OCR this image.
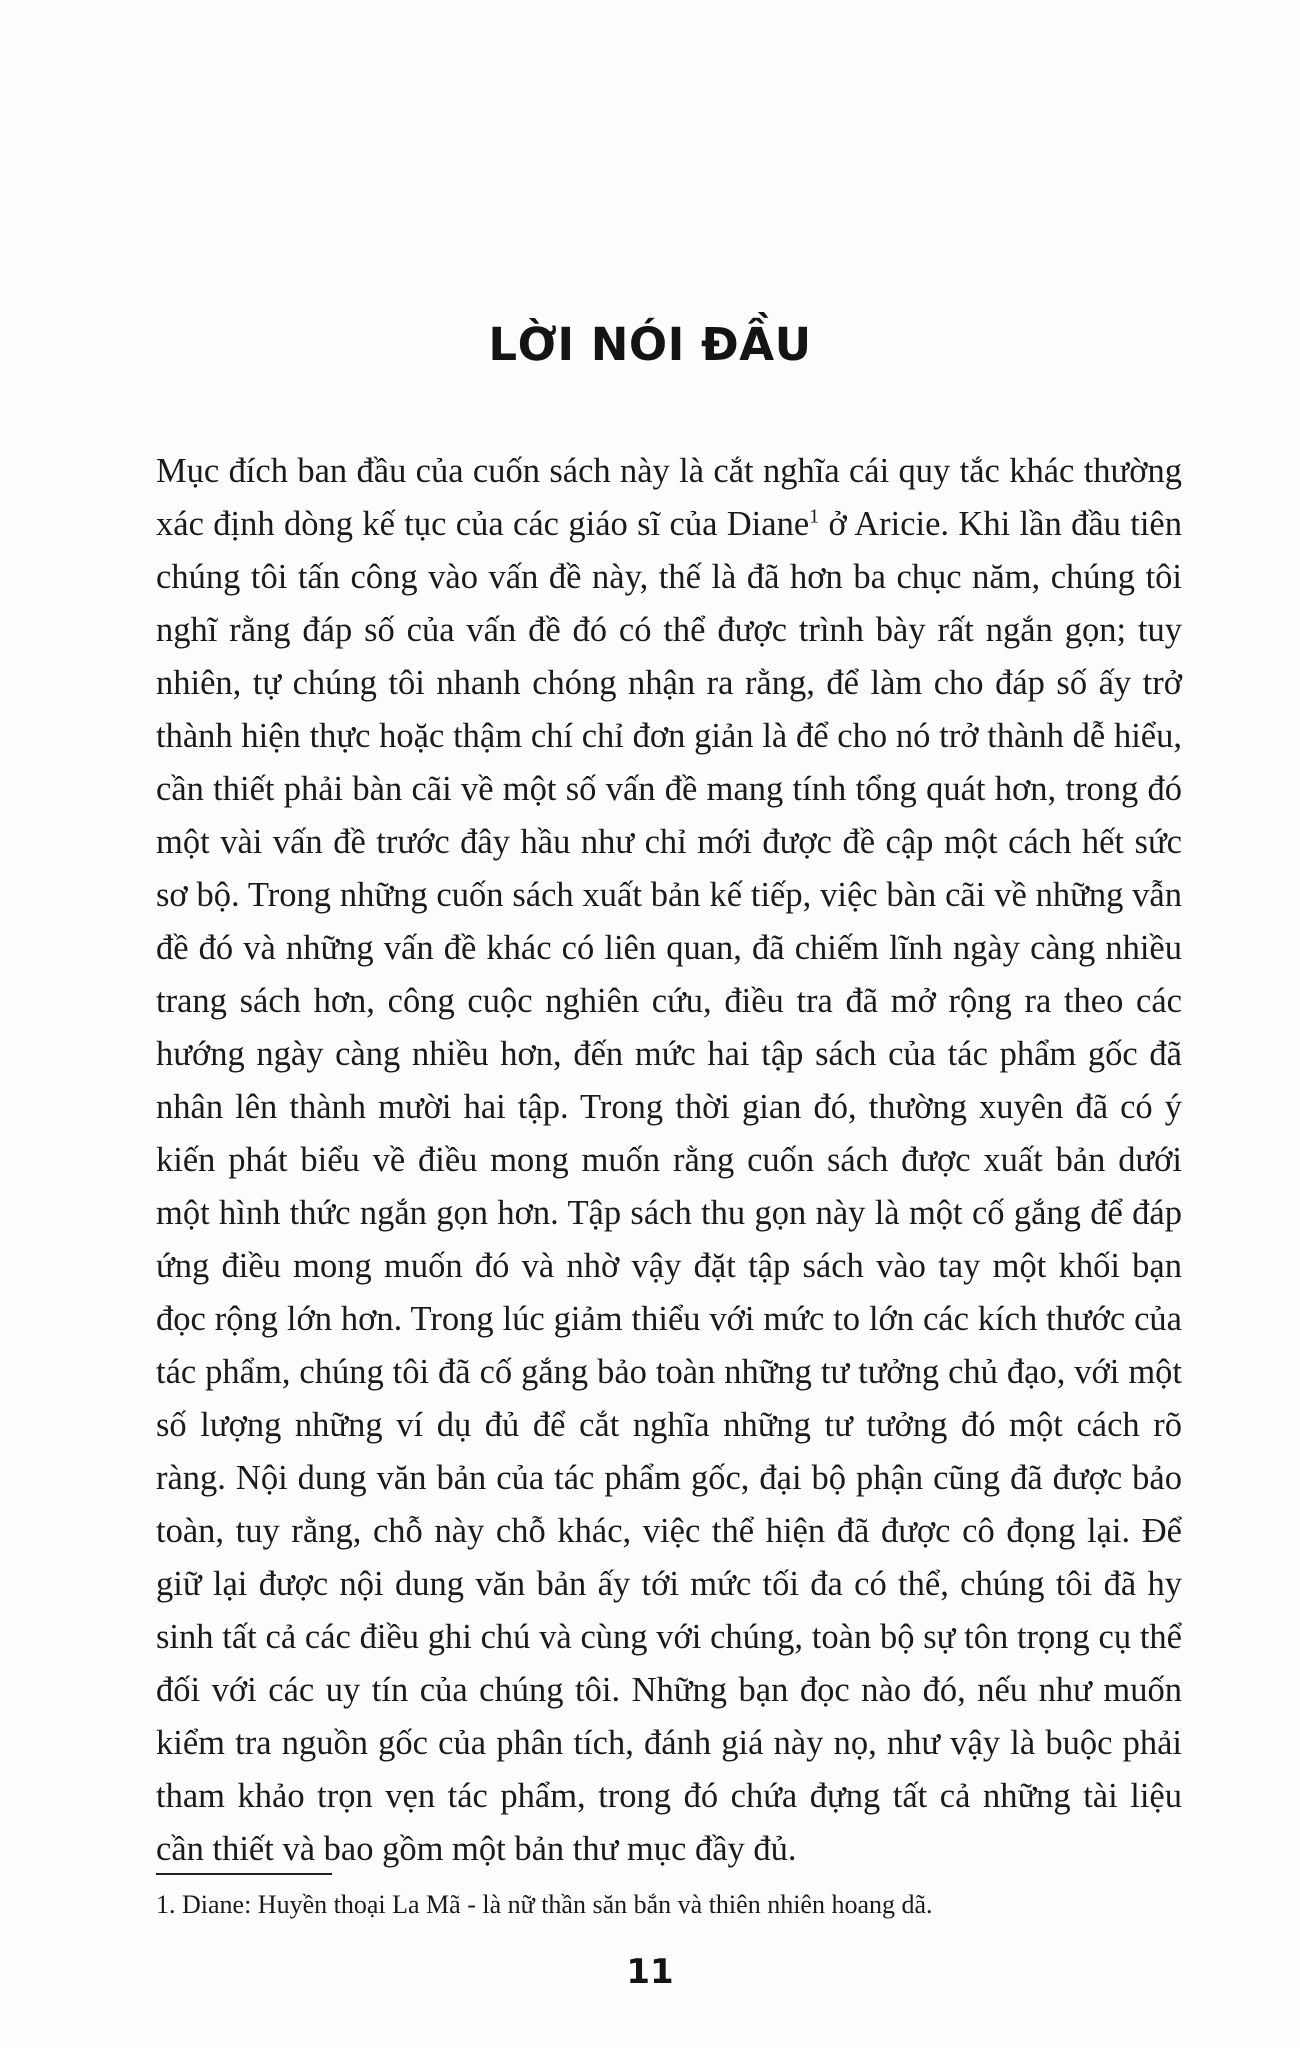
LỜI NÓI ĐẦU
Mục đích ban đầu của cuốn sách này là cắt nghĩa cái quy tắc khác thường xác định dòng kế tục của các giáo sĩ của Diane$^1$ ở Aricie. Khi lần đầu tiên chúng tôi tấn công vào vấn đề này, thế là đã hơn ba chục năm, chúng tôi nghĩ rằng đáp số của vấn đề đó có thể được trình bày rất ngắn gọn; tuy nhiên, tự chúng tôi nhanh chóng nhận ra rằng, để làm cho đáp số ấy trở thành hiện thực hoặc thậm chí chỉ đơn giản là để cho nó trở thành dễ hiểu, cần thiết phải bàn cãi về một số vấn đề mang tính tổng quát hơn, trong đó một vài vấn đề trước đây hầu như chỉ mới được đề cập một cách hết sức sơ bộ. Trong những cuốn sách xuất bản kế tiếp, việc bàn cãi về những vẫn đề đó và những vấn đề khác có liên quan, đã chiếm lĩnh ngày càng nhiều trang sách hơn, công cuộc nghiên cứu, điều tra đã mở rộng ra theo các hướng ngày càng nhiều hơn, đến mức hai tập sách của tác phẩm gốc đã nhân lên thành mười hai tập. Trong thời gian đó, thường xuyên đã có ý kiến phát biểu về điều mong muốn rằng cuốn sách được xuất bản dưới một hình thức ngắn gọn hơn. Tập sách thu gọn này là một cố gắng để đáp ứng điều mong muốn đó và nhờ vậy đặt tập sách vào tay một khối bạn đọc rộng lớn hơn. Trong lúc giảm thiểu với mức to lớn các kích thước của tác phẩm, chúng tôi đã cố gắng bảo toàn những tư tưởng chủ đạo, với một số lượng những ví dụ đủ để cắt nghĩa những tư tưởng đó một cách rõ ràng. Nội dung văn bản của tác phẩm gốc, đại bộ phận cũng đã được bảo toàn, tuy rằng, chỗ này chỗ khác, việc thể hiện đã được cô đọng lại. Để giữ lại được nội dung văn bản ấy tới mức tối đa có thể, chúng tôi đã hy sinh tất cả các điều ghi chú và cùng với chúng, toàn bộ sự tôn trọng cụ thể đối với các uy tín của chúng tôi. Những bạn đọc nào đó, nếu như muốn kiểm tra nguồn gốc của phân tích, đánh giá này nọ, như vậy là buộc phải tham khảo trọn vẹn tác phẩm, trong đó chứa đựng tất cả những tài liệu cần thiết và bao gồm một bản thư mục đầy đủ.
1. Diane: Huyền thoại La Mã - là nữ thần săn bắn và thiên nhiên hoang dã.
11
